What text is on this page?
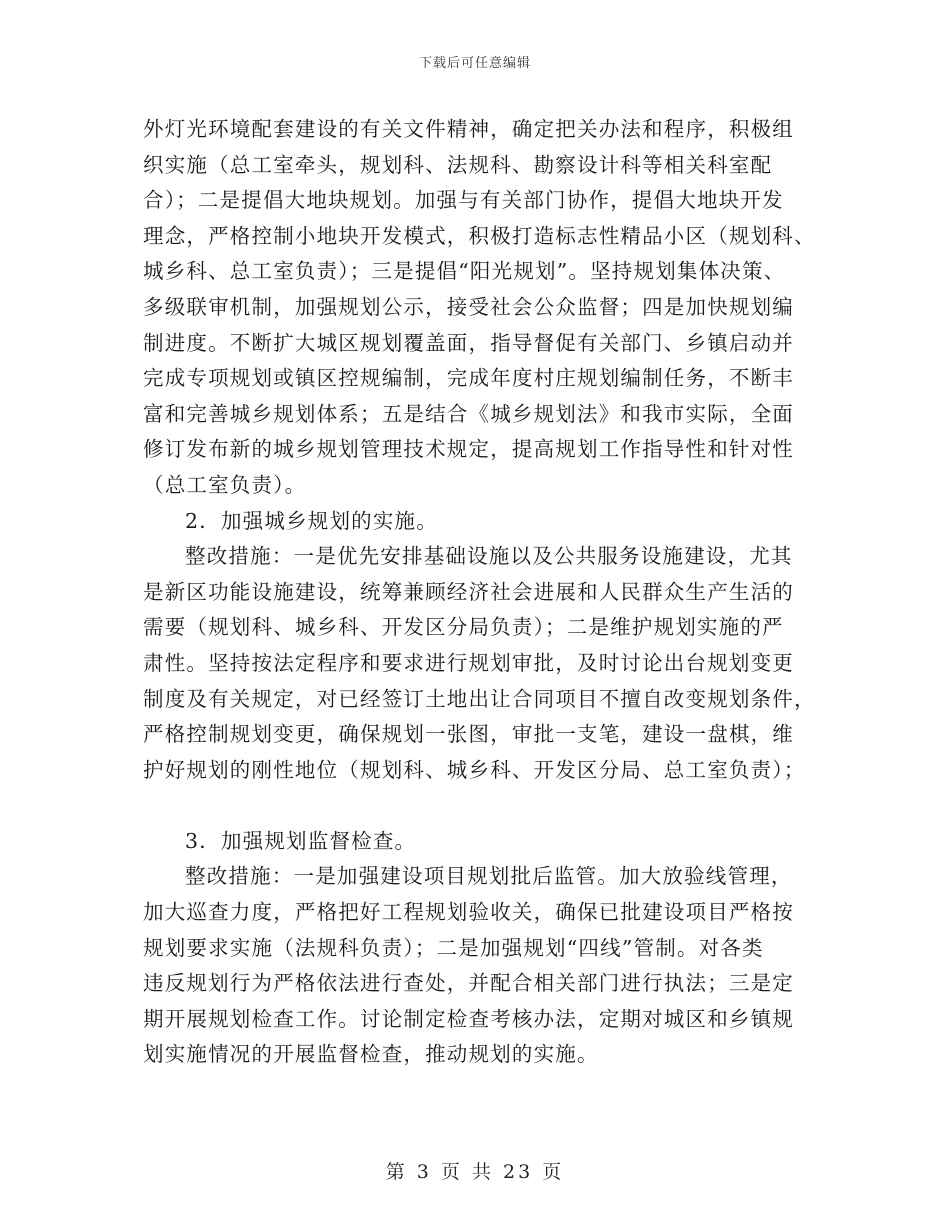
下载后可任意编辑
外灯光环境配套建设的有关文件精神，确定把关办法和程序，积极组
织实施（总工室牵头，规划科、法规科、勘察设计科等相关科室配
合）；二是提倡大地块规划。加强与有关部门协作，提倡大地块开发
理念，严格控制小地块开发模式，积极打造标志性精品小区（规划科、
城乡科、总工室负责）；三是提倡“阳光规划”。坚持规划集体决策、
多级联审机制，加强规划公示，接受社会公众监督；四是加快规划编
制进度。不断扩大城区规划覆盖面，指导督促有关部门、乡镇启动并
完成专项规划或镇区控规编制，完成年度村庄规划编制任务，不断丰
富和完善城乡规划体系；五是结合《城乡规划法》和我市实际，全面
修订发布新的城乡规划管理技术规定，提高规划工作指导性和针对性
（总工室负责）。
2．加强城乡规划的实施。
整改措施：一是优先安排基础设施以及公共服务设施建设，尤其
是新区功能设施建设，统筹兼顾经济社会进展和人民群众生产生活的
需要（规划科、城乡科、开发区分局负责）；二是维护规划实施的严
肃性。坚持按法定程序和要求进行规划审批，及时讨论出台规划变更
制度及有关规定，对已经签订土地出让合同项目不擅自改变规划条件，
严格控制规划变更，确保规划一张图，审批一支笔，建设一盘棋，维
护好规划的刚性地位（规划科、城乡科、开发区分局、总工室负责）；
3．加强规划监督检查。
整改措施：一是加强建设项目规划批后监管。加大放验线管理，
加大巡查力度，严格把好工程规划验收关，确保已批建设项目严格按
规划要求实施（法规科负责）；二是加强规划“四线”管制。对各类
违反规划行为严格依法进行查处，并配合相关部门进行执法；三是定
期开展规划检查工作。讨论制定检查考核办法，定期对城区和乡镇规
划实施情况的开展监督检查，推动规划的实施。
第 3 页 共 23 页
